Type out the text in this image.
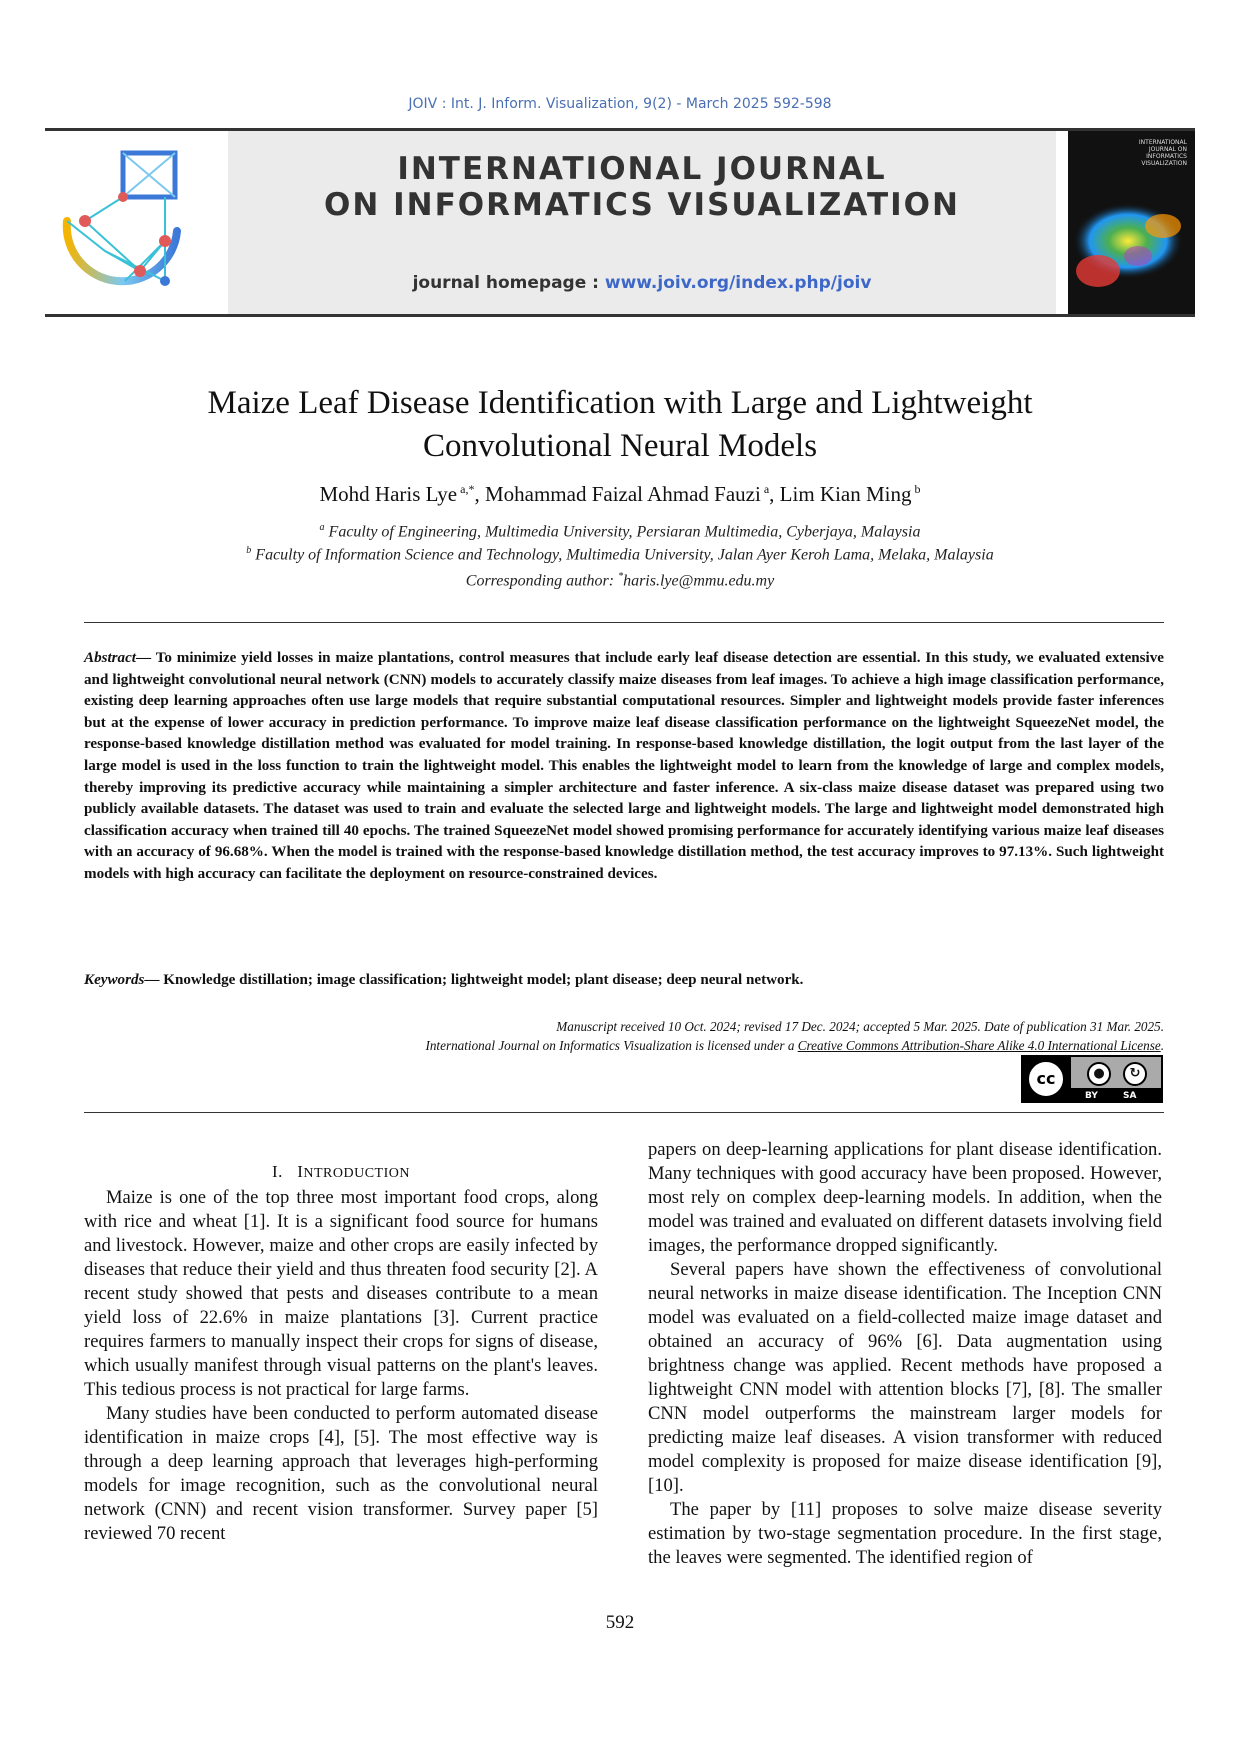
JOIV : Int. J. Inform. Visualization, 9(2) - March 2025 592-598
INTERNATIONAL JOURNAL
ON INFORMATICS VISUALIZATION
journal homepage : www.joiv.org/index.php/joiv
INTERNATIONAL JOURNAL ON INFORMATICS VISUALIZATION
Maize Leaf Disease Identification with Large and Lightweight
Convolutional Neural Models
Mohd Haris Lye $^{a,*}$, Mohammad Faizal Ahmad Fauzi $^a$, Lim Kian Ming $^b$
$^a$ Faculty of Engineering, Multimedia University, Persiaran Multimedia, Cyberjaya, Malaysia
$^b$ Faculty of Information Science and Technology, Multimedia University, Jalan Ayer Keroh Lama, Melaka, Malaysia
Corresponding author: *haris.lye@mmu.edu.my
Abstract— To minimize yield losses in maize plantations, control measures that include early leaf disease detection are essential. In this study, we evaluated extensive and lightweight convolutional neural network (CNN) models to accurately classify maize diseases from leaf images. To achieve a high image classification performance, existing deep learning approaches often use large models that require substantial computational resources. Simpler and lightweight models provide faster inferences but at the expense of lower accuracy in prediction performance. To improve maize leaf disease classification performance on the lightweight SqueezeNet model, the response-based knowledge distillation method was evaluated for model training. In response-based knowledge distillation, the logit output from the last layer of the large model is used in the loss function to train the lightweight model. This enables the lightweight model to learn from the knowledge of large and complex models, thereby improving its predictive accuracy while maintaining a simpler architecture and faster inference. A six-class maize disease dataset was prepared using two publicly available datasets. The dataset was used to train and evaluate the selected large and lightweight models. The large and lightweight model demonstrated high classification accuracy when trained till 40 epochs. The trained SqueezeNet model showed promising performance for accurately identifying various maize leaf diseases with an accuracy of 96.68%. When the model is trained with the response-based knowledge distillation method, the test accuracy improves to 97.13%. Such lightweight models with high accuracy can facilitate the deployment on resource-constrained devices.
Keywords— Knowledge distillation; image classification; lightweight model; plant disease; deep neural network.
Manuscript received 10 Oct. 2024; revised 17 Dec. 2024; accepted 5 Mar. 2025. Date of publication 31 Mar. 2025.
International Journal on Informatics Visualization is licensed under a Creative Commons Attribution-Share Alike 4.0 International License.
cc	●	↻
BY	SA

I. INTRODUCTION

Maize is one of the top three most important food crops, along with rice and wheat [1]. It is a significant food source for humans and livestock. However, maize and other crops are easily infected by diseases that reduce their yield and thus threaten food security [2]. A recent study showed that pests and diseases contribute to a mean yield loss of 22.6% in maize plantations [3]. Current practice requires farmers to manually inspect their crops for signs of disease, which usually manifest through visual patterns on the plant's leaves. This tedious process is not practical for large farms.

Many studies have been conducted to perform automated disease identification in maize crops [4], [5]. The most effective way is through a deep learning approach that leverages high-performing models for image recognition, such as the convolutional neural network (CNN) and recent vision transformer. Survey paper [5] reviewed 70 recent

papers on deep-learning applications for plant disease identification. Many techniques with good accuracy have been proposed. However, most rely on complex deep-learning models. In addition, when the model was trained and evaluated on different datasets involving field images, the performance dropped significantly.

Several papers have shown the effectiveness of convolutional neural networks in maize disease identification. The Inception CNN model was evaluated on a field-collected maize image dataset and obtained an accuracy of 96% [6]. Data augmentation using brightness change was applied. Recent methods have proposed a lightweight CNN model with attention blocks [7], [8]. The smaller CNN model outperforms the mainstream larger models for predicting maize leaf diseases. A vision transformer with reduced model complexity is proposed for maize disease identification [9], [10].

The paper by [11] proposes to solve maize disease severity estimation by two-stage segmentation procedure. In the first stage, the leaves were segmented. The identified region of

592
